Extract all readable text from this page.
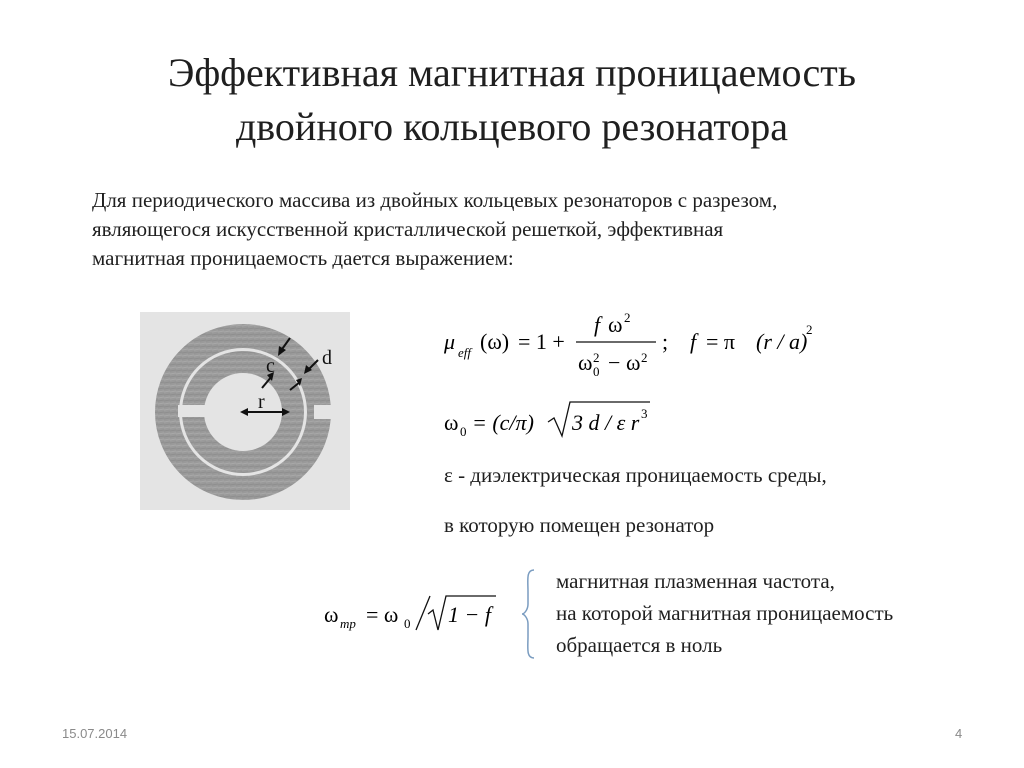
Эффективная магнитная проницаемость
двойного кольцевого резонатора
Для периодического массива из двойных кольцевых резонаторов с разрезом,
являющегося искусственной кристаллической решеткой, эффективная
магнитная проницаемость дается выражением:
c d
r
μ eff (ω) = 1 +
f ω 2
ω 2
0 − ω 2
; f = π (r / a)
2
ω 0 = (c/π) 3 d / ε r 3
ε - диэлектрическая проницаемость среды,
в которую помещен резонатор
ω mp = ω 0 1 − f
магнитная плазменная частота,
на которой магнитная проницаемость
обращается в ноль
15.07.2014	4
